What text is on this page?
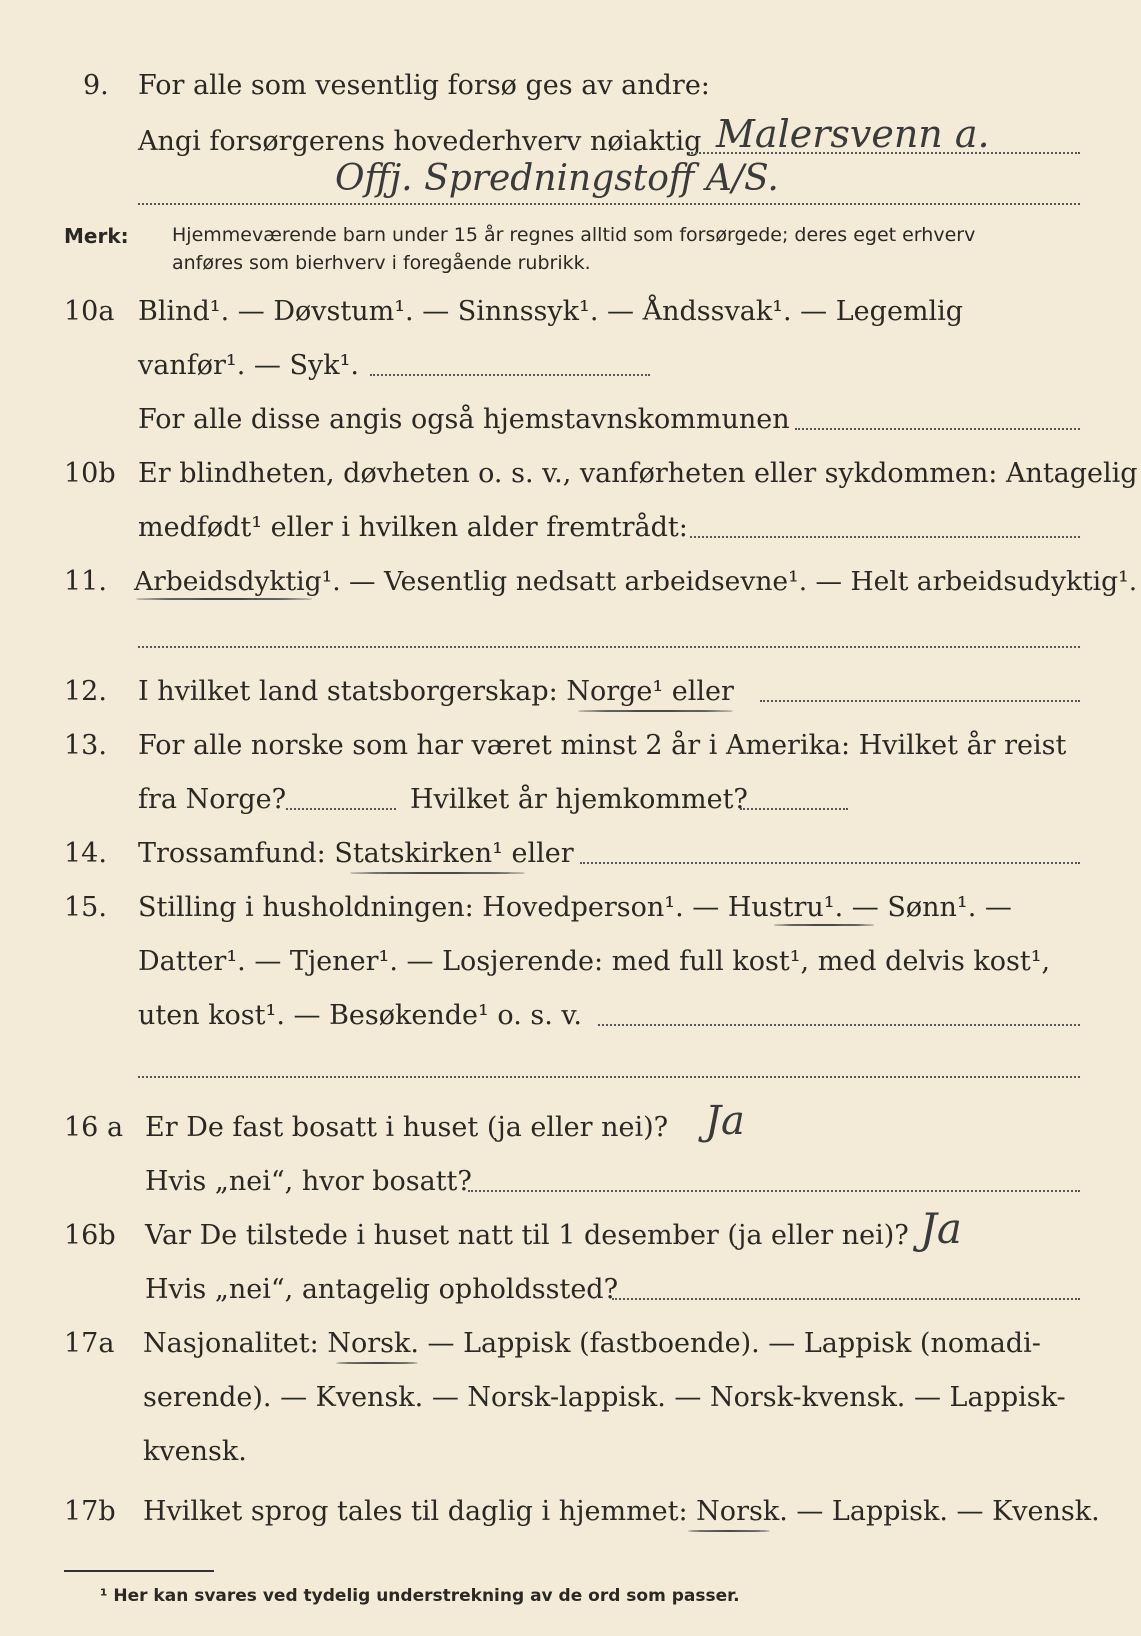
9. For alle som vesentlig forsø ges av andre:
Angi forsørgerens hovederhverv nøiaktig Malersvenn a.
Offj. Spredningstoff A/S.
Merk: Hjemmeværende barn under 15 år regnes alltid som forsørgede; deres eget erhverv
anføres som bierhverv i foregående rubrikk.
10a Blind¹. — Døvstum¹. — Sinnssyk¹. — Åndssvak¹. — Legemlig
vanfør¹. — Syk¹.
For alle disse angis også hjemstavnskommunen
10b Er blindheten, døvheten o. s. v., vanførheten eller sykdommen: Antagelig
medfødt¹ eller i hvilken alder fremtrådt:
11. Arbeidsdyktig¹. — Vesentlig nedsatt arbeidsevne¹. — Helt arbeidsudyktig¹.
12. I hvilket land statsborgerskap: Norge¹ eller
13. For alle norske som har været minst 2 år i Amerika: Hvilket år reist
fra Norge?	Hvilket år hjemkommet?
14. Trossamfund: Statskirken¹ eller
15. Stilling i husholdningen: Hovedperson¹. — Hustru¹. — Sønn¹. —
Datter¹. — Tjener¹. — Losjerende: med full kost¹, med delvis kost¹,
uten kost¹. — Besøkende¹ o. s. v.
16 a Er De fast bosatt i huset (ja eller nei)? Ja
Hvis „nei“, hvor bosatt?
16b Var De tilstede i huset natt til 1 desember (ja eller nei)? Ja
Hvis „nei“, antagelig opholdssted?
17a Nasjonalitet: Norsk. — Lappisk (fastboende). — Lappisk (nomadi-
serende). — Kvensk. — Norsk-lappisk. — Norsk-kvensk. — Lappisk-
kvensk.
17b Hvilket sprog tales til daglig i hjemmet: Norsk. — Lappisk. — Kvensk.
¹ Her kan svares ved tydelig understrekning av de ord som passer.
